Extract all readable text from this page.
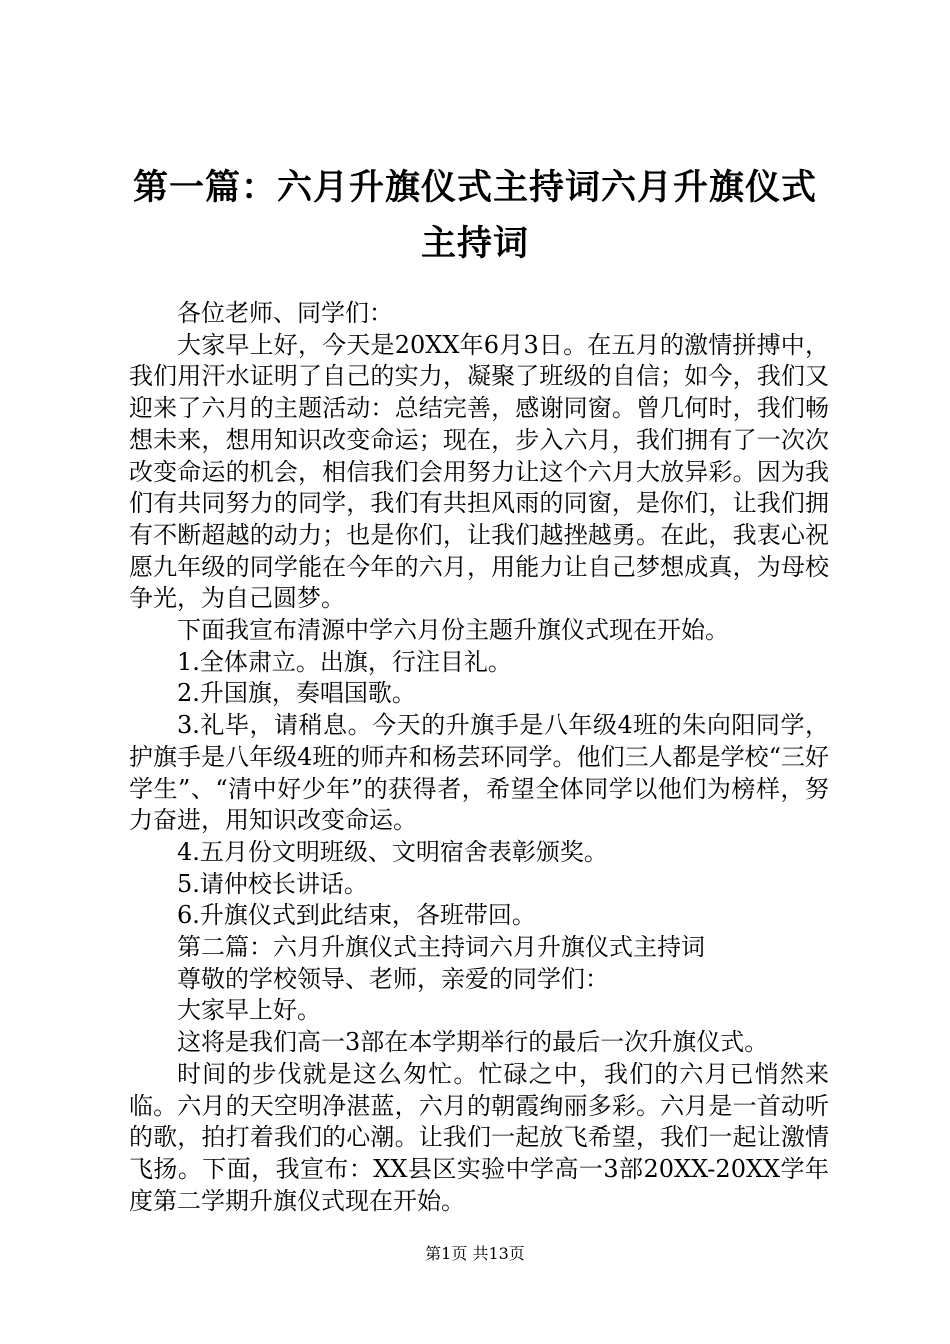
第一篇：六月升旗仪式主持词六月升旗仪式主持词

各位老师、同学们：

大家早上好，今天是20XX年6月3日。在五月的激情拼搏中，我们用汗水证明了自己的实力，凝聚了班级的自信；如今，我们又迎来了六月的主题活动：总结完善，感谢同窗。曾几何时，我们畅想未来，想用知识改变命运；现在，步入六月，我们拥有了一次次改变命运的机会，相信我们会用努力让这个六月大放异彩。因为我们有共同努力的同学，我们有共担风雨的同窗，是你们，让我们拥有不断超越的动力；也是你们，让我们越挫越勇。在此，我衷心祝愿九年级的同学能在今年的六月，用能力让自己梦想成真，为母校争光，为自己圆梦。

下面我宣布清源中学六月份主题升旗仪式现在开始。

1.全体肃立。出旗，行注目礼。

2.升国旗，奏唱国歌。

3.礼毕，请稍息。今天的升旗手是八年级4班的朱向阳同学，护旗手是八年级4班的师卉和杨芸环同学。他们三人都是学校“三好学生”、“清中好少年”的获得者，希望全体同学以他们为榜样，努力奋进，用知识改变命运。

4.五月份文明班级、文明宿舍表彰颁奖。

5.请仲校长讲话。

6.升旗仪式到此结束，各班带回。

第二篇：六月升旗仪式主持词六月升旗仪式主持词

尊敬的学校领导、老师，亲爱的同学们：

大家早上好。

这将是我们高一3部在本学期举行的最后一次升旗仪式。

时间的步伐就是这么匆忙。忙碌之中，我们的六月已悄然来临。六月的天空明净湛蓝，六月的朝霞绚丽多彩。六月是一首动听的歌，拍打着我们的心潮。让我们一起放飞希望，我们一起让激情飞扬。下面，我宣布：XX县区实验中学高一3部20XX-20XX学年度第二学期升旗仪式现在开始。

第1页 共13页
